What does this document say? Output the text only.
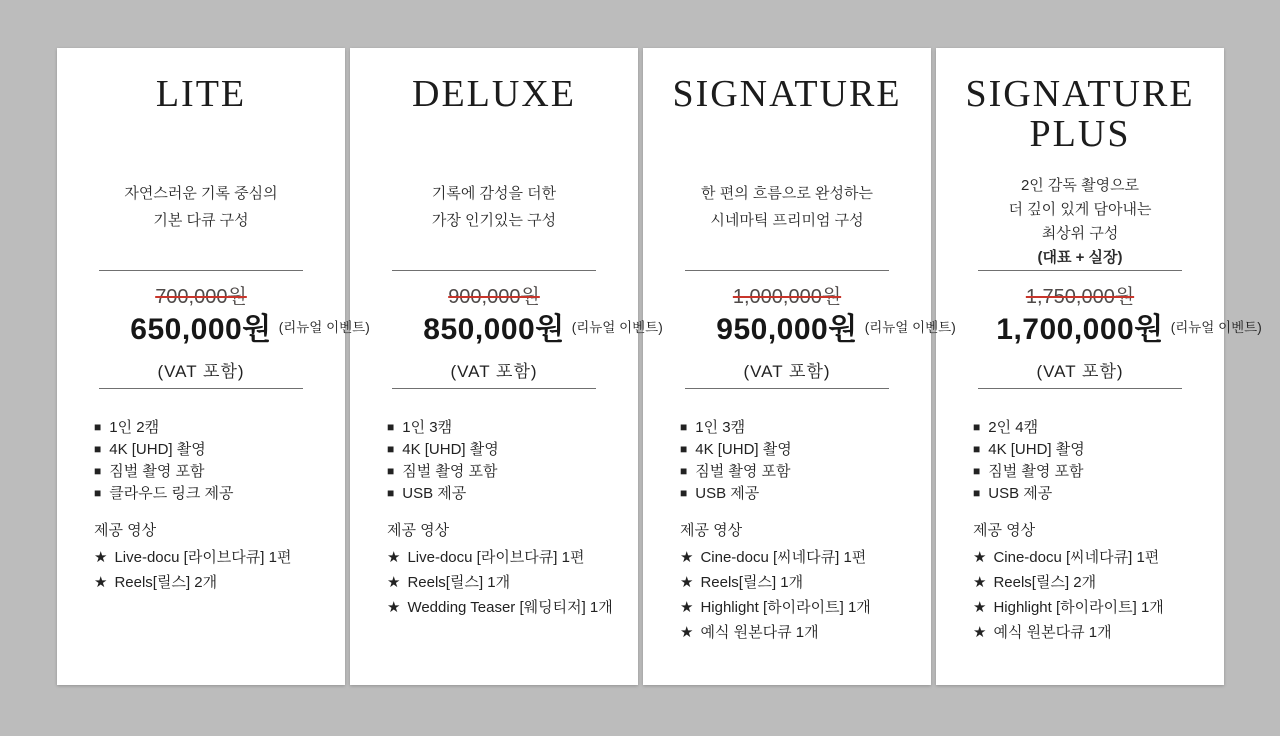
LITE
자연스러운 기록 중심의
기본 다큐 구성
700,000원
650,000원 (리뉴얼 이벤트)
(VAT 포함)
■ 1인 2캠
■ 4K [UHD] 촬영
■ 짐벌 촬영 포함
■ 클라우드 링크 제공
제공 영상
★ Live-docu [라이브다큐] 1편
★ Reels[릴스] 2개
DELUXE
기록에 감성을 더한
가장 인기있는 구성
900,000원
850,000원 (리뉴얼 이벤트)
(VAT 포함)
■ 1인 3캠
■ 4K [UHD] 촬영
■ 짐벌 촬영 포함
■ USB 제공
제공 영상
★ Live-docu [라이브다큐] 1편
★ Reels[릴스] 1개
★ Wedding Teaser [웨딩티저] 1개
SIGNATURE
한 편의 흐름으로 완성하는
시네마틱 프리미엄 구성
1,000,000원
950,000원 (리뉴얼 이벤트)
(VAT 포함)
■ 1인 3캠
■ 4K [UHD] 촬영
■ 짐벌 촬영 포함
■ USB 제공
제공 영상
★ Cine-docu [씨네다큐] 1편
★ Reels[릴스] 1개
★ Highlight [하이라이트] 1개
★ 예식 원본다큐 1개
SIGNATURE
PLUS
2인 감독 촬영으로
더 깊이 있게 담아내는
최상위 구성
(대표 + 실장)
1,750,000원
1,700,000원 (리뉴얼 이벤트)
(VAT 포함)
■ 2인 4캠
■ 4K [UHD] 촬영
■ 짐벌 촬영 포함
■ USB 제공
제공 영상
★ Cine-docu [씨네다큐] 1편
★ Reels[릴스] 2개
★ Highlight [하이라이트] 1개
★ 예식 원본다큐 1개
